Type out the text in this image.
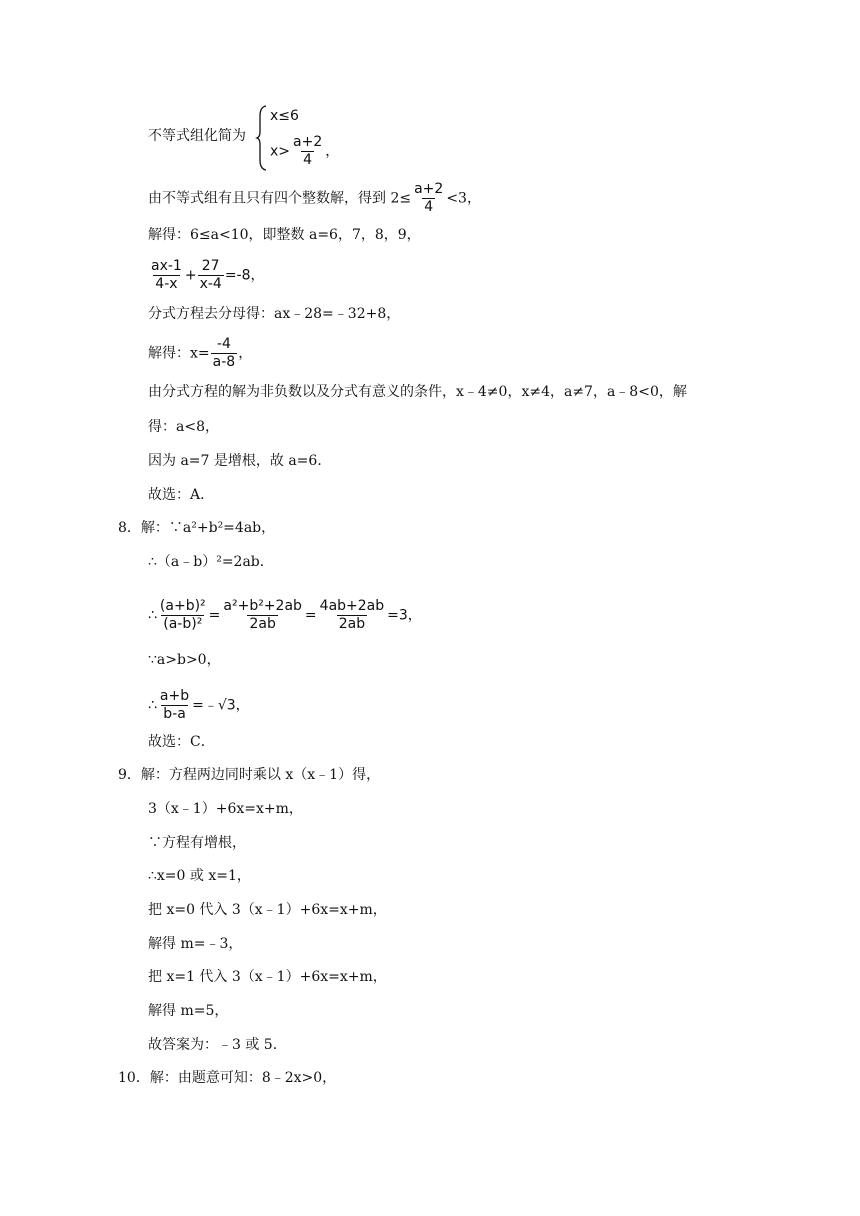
不等式组化简为
x≤6
$x> \frac{a+2}{4}$ ，
由不等式组有且只有四个整数解，得到 $2\le \frac{a+2}{4} <3$，
解得：6≤a<10，即整数 a=6，7，8，9，
$\frac{ax-1}{4-x} + \frac{27}{x-4} =-8$，
分式方程去分母得：ax﹣28=﹣32+8，
解得：$x= \frac{-4}{a-8}$ ，
由分式方程的解为非负数以及分式有意义的条件，x﹣4≠0，x≠4，a≠7，a﹣8<0，解
得：a<8，
因为 a=7 是增根，故 a=6．
故选：A．
8．解：∵a²+b²=4ab，
∴（a﹣b）²=2ab．
∴ $\frac{\text{(a+b)²}}{\text{(a-b)²}} = \frac{\text{a²+b²+2ab}}{2ab} = \frac{4ab+2ab}{2ab} =3$，
∵a>b>0，
∴ $\frac{a+b}{b-a}$ =﹣√3，
故选：C．
9．解：方程两边同时乘以 x（x﹣1）得，
3（x﹣1）+6x=x+m，
∵方程有增根，
∴x=0 或 x=1，
把 x=0 代入 3（x﹣1）+6x=x+m，
解得 m=﹣3，
把 x=1 代入 3（x﹣1）+6x=x+m，
解得 m=5，
故答案为：﹣3 或 5．
10．解：由题意可知：8﹣2x>0，
